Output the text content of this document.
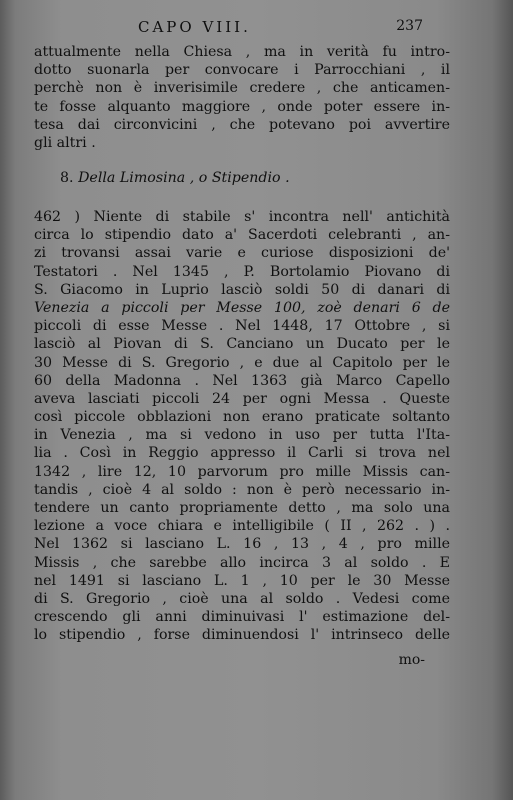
CAPO VIII.	237
attualmente nella Chiesa , ma in verità fu intro-
dotto suonarla per convocare i Parrocchiani , il
perchè non è inverisimile credere , che anticamen-
te fosse alquanto maggiore , onde poter essere in-
tesa dai circonvicini , che potevano poi avvertire
gli altri .
8. Della Limosina , o Stipendio .
462 ) Niente di stabile s' incontra nell' antichità
circa lo stipendio dato a' Sacerdoti celebranti , an-
zi trovansi assai varie e curiose disposizioni de'
Testatori . Nel 1345 , P. Bortolamio Piovano di
S. Giacomo in Luprio lasciò soldi 50 di danari di
Venezia a piccoli per Messe 100, zoè denari 6 de
piccoli di esse Messe . Nel 1448, 17 Ottobre , si
lasciò al Piovan di S. Canciano un Ducato per le
30 Messe di S. Gregorio , e due al Capitolo per le
60 della Madonna . Nel 1363 già Marco Capello
aveva lasciati piccoli 24 per ogni Messa . Queste
così piccole obblazioni non erano praticate soltanto
in Venezia , ma si vedono in uso per tutta l'Ita-
lia . Così in Reggio appresso il Carli si trova nel
1342 , lire 12, 10 parvorum pro mille Missis can-
tandis , cioè 4 al soldo : non è però necessario in-
tendere un canto propriamente detto , ma solo una
lezione a voce chiara e intelligibile ( II , 262 . ) .
Nel 1362 si lasciano L. 16 , 13 , 4 , pro mille
Missis , che sarebbe allo incirca 3 al soldo . E
nel 1491 si lasciano L. 1 , 10 per le 30 Messe
di S. Gregorio , cioè una al soldo . Vedesi come
crescendo gli anni diminuivasi l' estimazione del-
lo stipendio , forse diminuendosi l' intrinseco delle
mo-
